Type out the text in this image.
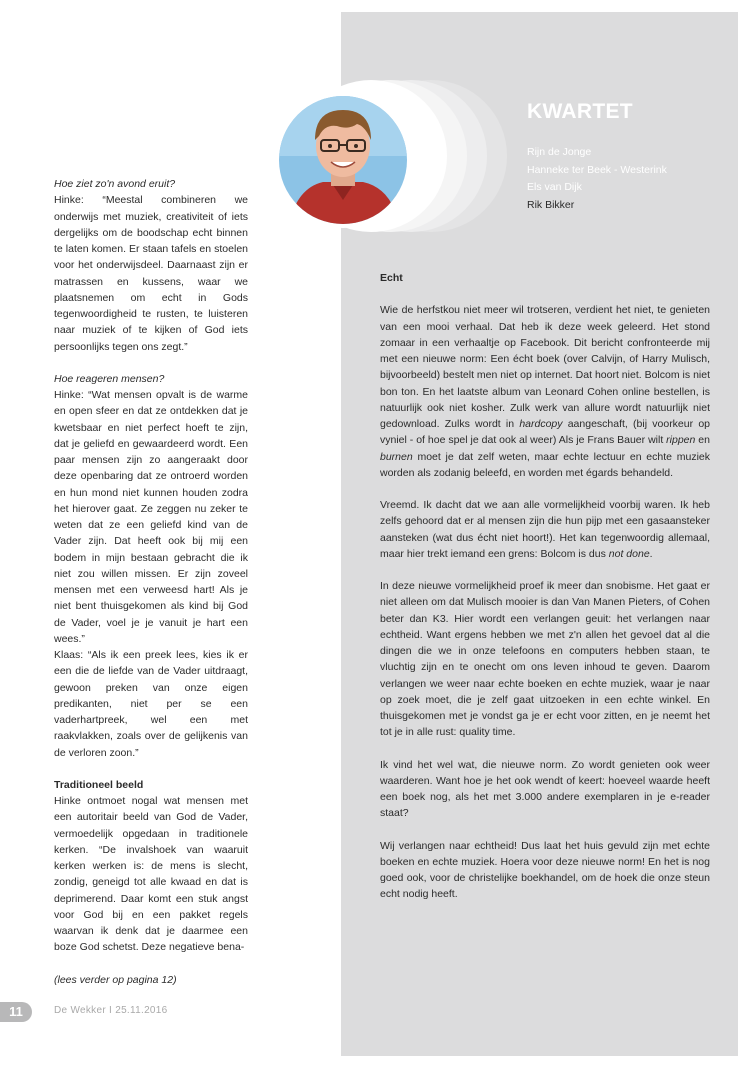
KWARTET
Rijn de Jonge
Hanneke ter Beek - Westerink
Els van Dijk
Rik Bikker

Hoe ziet zo'n avond eruit?

Hinke: “Meestal combineren we onderwijs met muziek, creativiteit of iets dergelijks om de boodschap echt binnen te laten komen. Er staan tafels en stoelen voor het onderwijsdeel. Daarnaast zijn er matrassen en kussens, waar we plaatsnemen om echt in Gods tegenwoordigheid te rusten, te luisteren naar muziek of te kijken of God iets persoonlijks tegen ons zegt.”

Hoe reageren mensen?

Hinke: “Wat mensen opvalt is de warme en open sfeer en dat ze ontdekken dat je kwetsbaar en niet perfect hoeft te zijn, dat je geliefd en gewaardeerd wordt. Een paar mensen zijn zo aangeraakt door deze openbaring dat ze ontroerd worden en hun mond niet kunnen houden zodra het hierover gaat. Ze zeggen nu zeker te weten dat ze een geliefd kind van de Vader zijn. Dat heeft ook bij mij een bodem in mijn bestaan gebracht die ik niet zou willen missen. Er zijn zoveel mensen met een verweesd hart! Als je niet bent thuisgekomen als kind bij God de Vader, voel je je vanuit je hart een wees.”

Klaas: “Als ik een preek lees, kies ik er een die de liefde van de Vader uitdraagt, gewoon preken van onze eigen predikanten, niet per se een vaderhartpreek, wel een met raakvlakken, zoals over de gelijkenis van de verloren zoon.”

Traditioneel beeld

Hinke ontmoet nogal wat mensen met een autoritair beeld van God de Vader, vermoedelijk opgedaan in traditionele kerken. “De invalshoek van waaruit kerken werken is: de mens is slecht, zondig, geneigd tot alle kwaad en dat is deprimerend. Daar komt een stuk angst voor God bij en een pakket regels waarvan ik denk dat je daarmee een boze God schetst. Deze negatieve bena-

(lees verder op pagina 12)

Echt

Wie de herfstkou niet meer wil trotseren, verdient het niet, te genieten van een mooi verhaal. Dat heb ik deze week geleerd. Het stond zomaar in een verhaaltje op Facebook. Dit bericht confronteerde mij met een nieuwe norm: Een écht boek (over Calvijn, of Harry Mulisch, bijvoorbeeld) bestelt men niet op internet. Dat hoort niet. Bolcom is niet bon ton. En het laatste album van Leonard Cohen online bestellen, is natuurlijk ook niet kosher. Zulk werk van allure wordt natuurlijk niet gedownload. Zulks wordt in hardcopy aangeschaft, (bij voorkeur op vyniel - of hoe spel je dat ook al weer) Als je Frans Bauer wilt rippen en burnen moet je dat zelf weten, maar echte lectuur en echte muziek worden als zodanig beleefd, en worden met égards behandeld.

Vreemd. Ik dacht dat we aan alle vormelijkheid voorbij waren. Ik heb zelfs gehoord dat er al mensen zijn die hun pijp met een gasaansteker aansteken (wat dus écht niet hoort!). Het kan tegenwoordig allemaal, maar hier trekt iemand een grens: Bolcom is dus not done.

In deze nieuwe vormelijkheid proef ik meer dan snobisme. Het gaat er niet alleen om dat Mulisch mooier is dan Van Manen Pieters, of Cohen beter dan K3. Hier wordt een verlangen geuit: het verlangen naar echtheid. Want ergens hebben we met z'n allen het gevoel dat al die dingen die we in onze telefoons en computers hebben staan, te vluchtig zijn en te onecht om ons leven inhoud te geven. Daarom verlangen we weer naar echte boeken en echte muziek, waar je naar op zoek moet, die je zelf gaat uitzoeken in een echte winkel. En thuisgekomen met je vondst ga je er echt voor zitten, en je neemt het tot je in alle rust: quality time.

Ik vind het wel wat, die nieuwe norm. Zo wordt genieten ook weer waarderen. Want hoe je het ook wendt of keert: hoeveel waarde heeft een boek nog, als het met 3.000 andere exemplaren in je e-reader staat?

Wij verlangen naar echtheid! Dus laat het huis gevuld zijn met echte boeken en echte muziek. Hoera voor deze nieuwe norm! En het is nog goed ook, voor de christelijke boekhandel, om de hoek die onze steun echt nodig heeft.

11	De Wekker I 25.11.2016
